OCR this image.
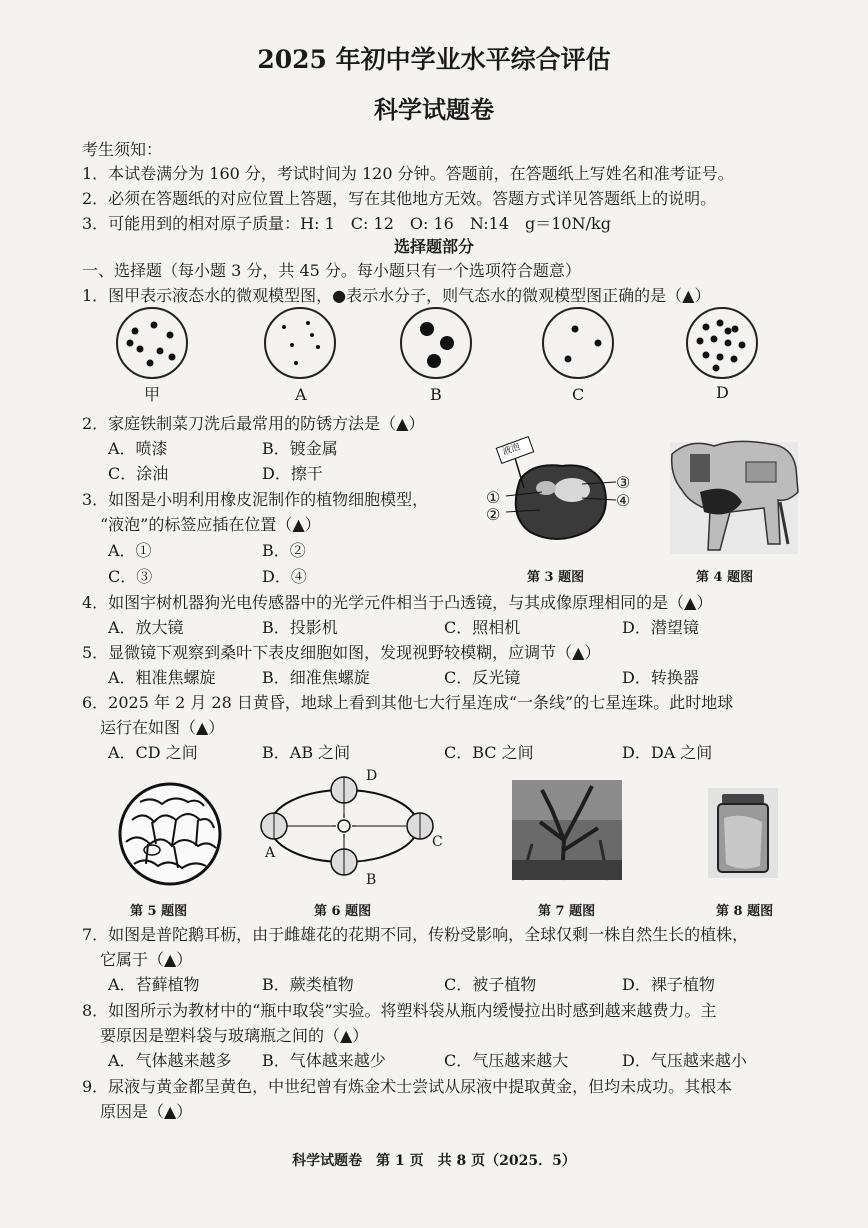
2025 年初中学业水平综合评估
科学试题卷
考生须知：
1．本试卷满分为 160 分，考试时间为 120 分钟。答题前，在答题纸上写姓名和准考证号。
2．必须在答题纸的对应位置上答题，写在其他地方无效。答题方式详见答题纸上的说明。
3．可能用到的相对原子质量：H: 1　C: 12　O: 16　N:14　g＝10N/kg
选择题部分
一、选择题（每小题 3 分，共 45 分。每小题只有一个选项符合题意）
1．图甲表示液态水的微观模型图，●表示水分子，则气态水的微观模型图正确的是（▲）
甲	A	B	C	D
2．家庭铁制菜刀洗后最常用的防锈方法是（▲）
A．喷漆	B．镀金属
C．涂油	D．擦干
3．如图是小明利用橡皮泥制作的植物细胞模型，
“液泡”的标签应插在位置（▲）
A．①	B．②
C．③	D．④
液泡
①
②
③
④
第 3 题图	第 4 题图
4．如图宇树机器狗光电传感器中的光学元件相当于凸透镜，与其成像原理相同的是（▲）
A．放大镜	B．投影机	C．照相机	D．潜望镜
5．显微镜下观察到桑叶下表皮细胞如图，发现视野较模糊，应调节（▲）
A．粗准焦螺旋	B．细准焦螺旋	C．反光镜	D．转换器
6．2025 年 2 月 28 日黄昏，地球上看到其他七大行星连成“一条线”的七星连珠。此时地球
运行在如图（▲）
A．CD 之间	B．AB 之间	C．BC 之间	D．DA 之间
第 5 题图
A
B
C
D
第 6 题图	第 7 题图	第 8 题图
7．如图是普陀鹅耳枥，由于雌雄花的花期不同，传粉受影响，全球仅剩一株自然生长的植株，
它属于（▲）
A．苔藓植物	B．蕨类植物	C．被子植物	D．裸子植物
8．如图所示为教材中的“瓶中取袋”实验。将塑料袋从瓶内缓慢拉出时感到越来越费力。主
要原因是塑料袋与玻璃瓶之间的（▲）
A．气体越来越多 B．气体越来越少	C．气压越来越大	D．气压越来越小
9．尿液与黄金都呈黄色，中世纪曾有炼金术士尝试从尿液中提取黄金，但均未成功。其根本
原因是（▲）
科学试题卷　第 1 页　共 8 页（2025．5）
